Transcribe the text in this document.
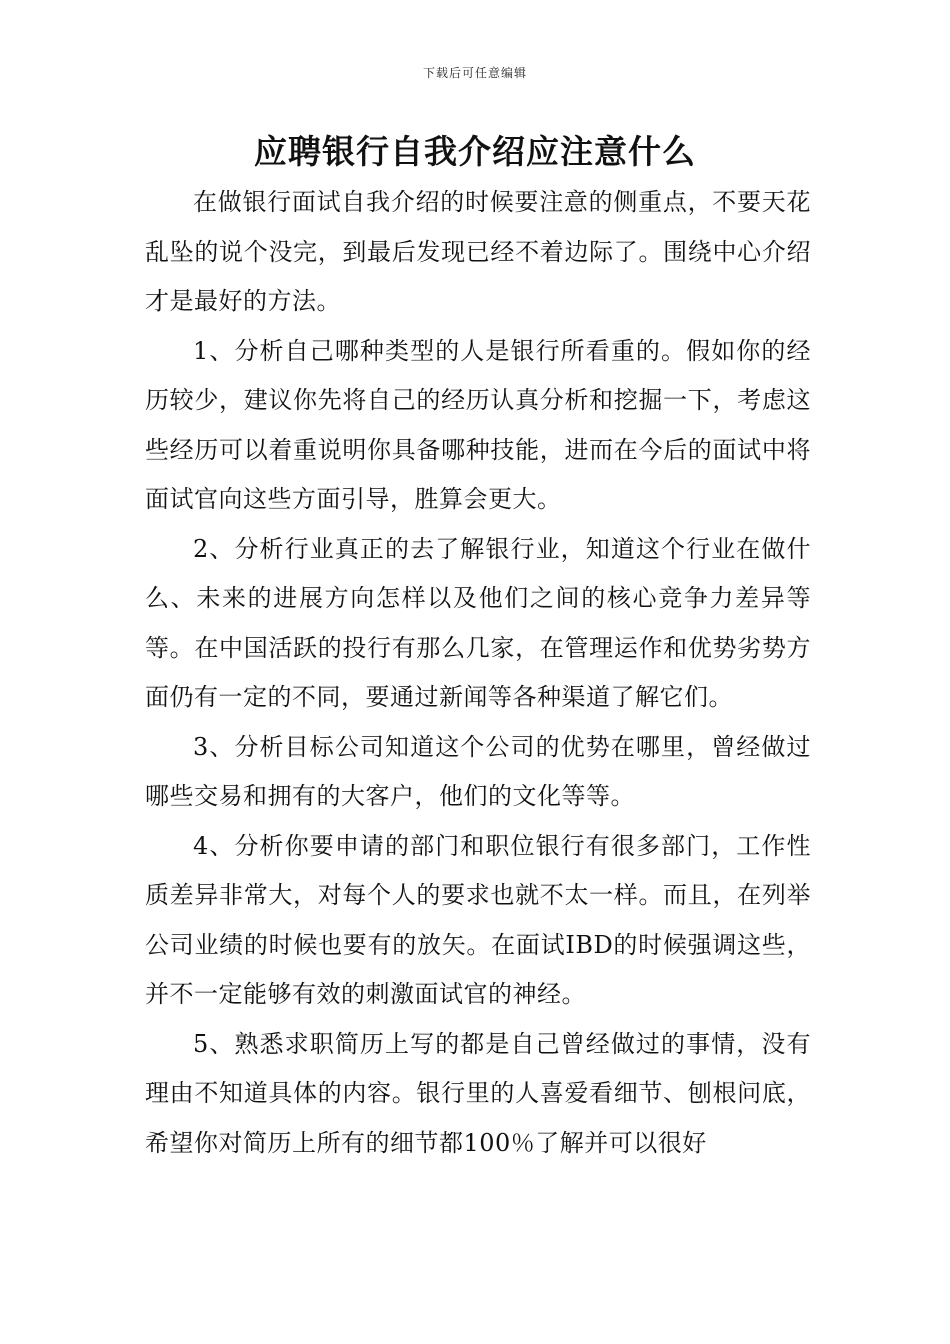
下载后可任意编辑
应聘银行自我介绍应注意什么

在做银行面试自我介绍的时候要注意的侧重点，不要天花乱坠的说个没完，到最后发现已经不着边际了。围绕中心介绍才是最好的方法。

1、分析自己哪种类型的人是银行所看重的。假如你的经历较少，建议你先将自己的经历认真分析和挖掘一下，考虑这些经历可以着重说明你具备哪种技能，进而在今后的面试中将面试官向这些方面引导，胜算会更大。

2、分析行业真正的去了解银行业，知道这个行业在做什么、未来的进展方向怎样以及他们之间的核心竞争力差异等等。在中国活跃的投行有那么几家，在管理运作和优势劣势方面仍有一定的不同，要通过新闻等各种渠道了解它们。

3、分析目标公司知道这个公司的优势在哪里，曾经做过哪些交易和拥有的大客户，他们的文化等等。

4、分析你要申请的部门和职位银行有很多部门，工作性质差异非常大，对每个人的要求也就不太一样。而且，在列举公司业绩的时候也要有的放矢。在面试IBD的时候强调这些，并不一定能够有效的刺激面试官的神经。

5、熟悉求职简历上写的都是自己曾经做过的事情，没有理由不知道具体的内容。银行里的人喜爱看细节、刨根问底，希望你对简历上所有的细节都100％了解并可以很好
